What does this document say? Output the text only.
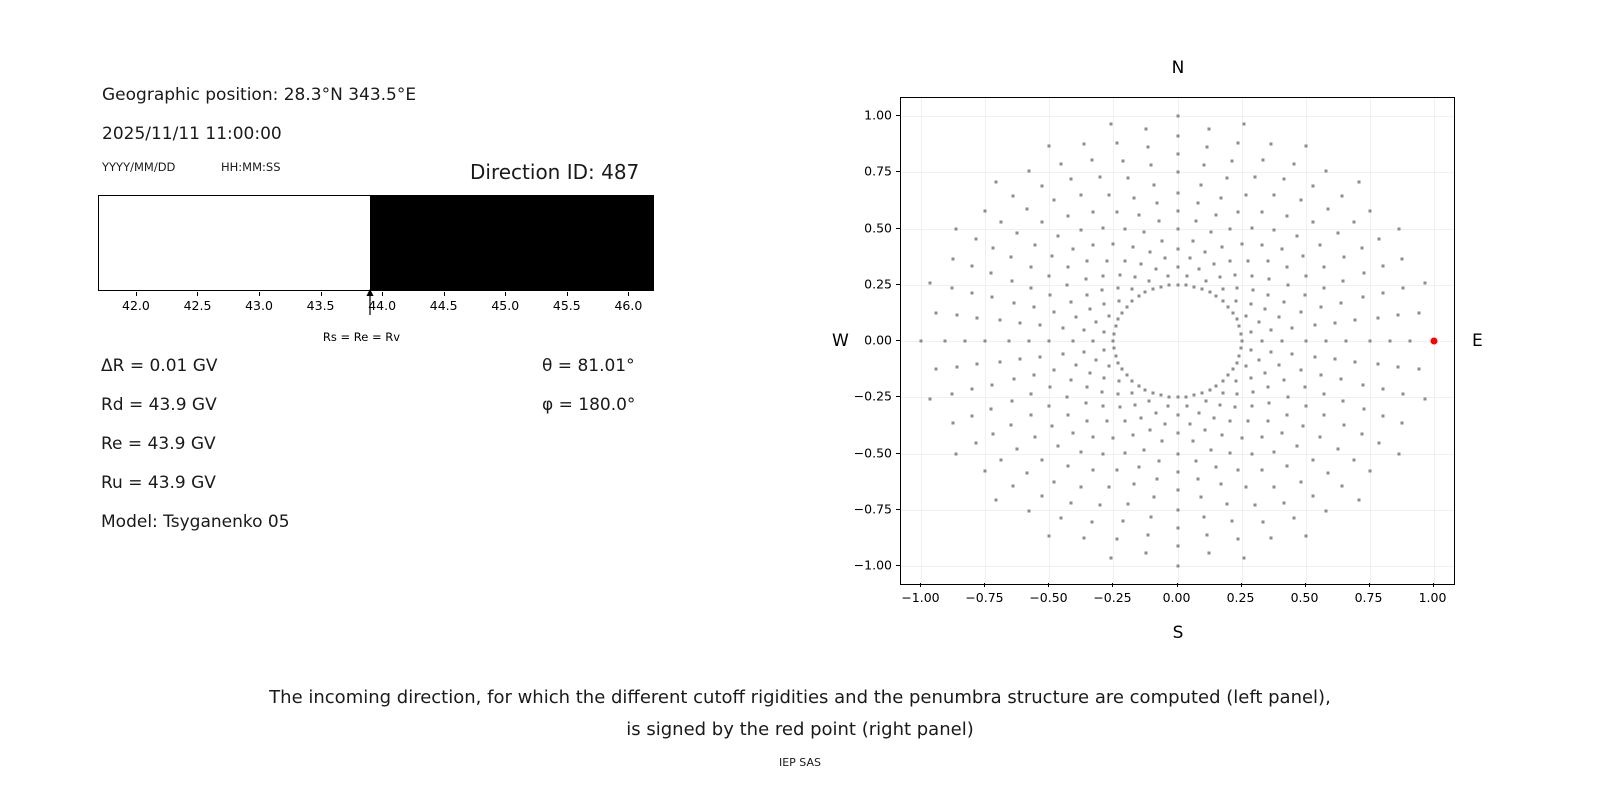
Geographic position: 28.3°N 343.5°E
2025/11/11 11:00:00
YYYY/MM/DD	HH:MM:SS	Direction ID: 487
42.0	42.5	43.0	43.5	44.0	44.5	45.0	45.5	46.0
Rs = Re = Rv
ΔR = 0.01 GV
Rd = 43.9 GV
Re = 43.9 GV
Ru = 43.9 GV
Model: Tsyganenko 05
θ = 81.01°
φ = 180.0°
N
S
W	E
−1.00 −0.75 −0.50 −0.25 0.00	0.25	0.50	0.75	1.00
−1.00
−0.75
−0.50
−0.25
0.00
0.25
0.50
0.75
1.00
The incoming direction, for which the different cutoff rigidities and the penumbra structure are computed (left panel),
is signed by the red point (right panel)
IEP SAS
